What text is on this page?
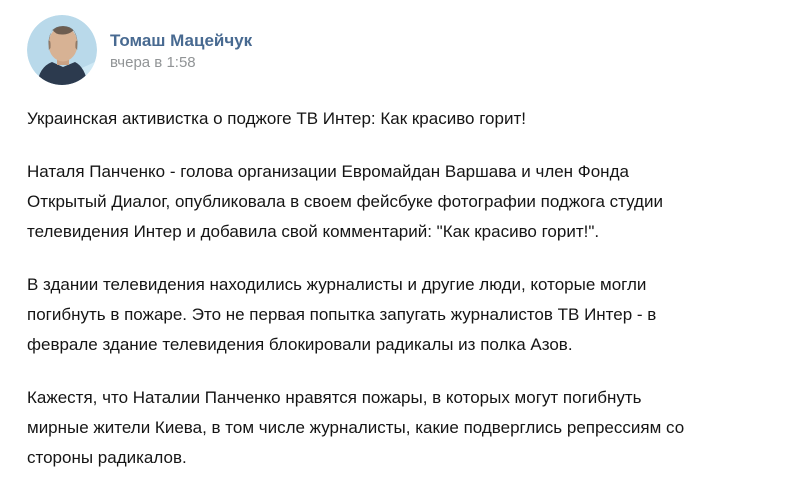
Томаш Мацейчук
вчера в 1:58

Украинская активистка о поджоге ТВ Интер: Как красиво горит!

Наталя Панченко - голова организации Евромайдан Варшава и член Фонда
Открытый Диалог, опубликовала в своем фейсбуке фотографии поджога студии
телевидения Интер и добавила свой комментарий: "Как красиво горит!".

В здании телевидения находились журналисты и другие люди, которые могли
погибнуть в пожаре. Это не первая попытка запугать журналистов ТВ Интер - в
феврале здание телевидения блокировали радикалы из полка Азов.

Кажестя, что Наталии Панченко нравятся пожары, в которых могут погибнуть
мирные жители Киева, в том числе журналисты, какие подверглись репрессиям со
стороны радикалов.
